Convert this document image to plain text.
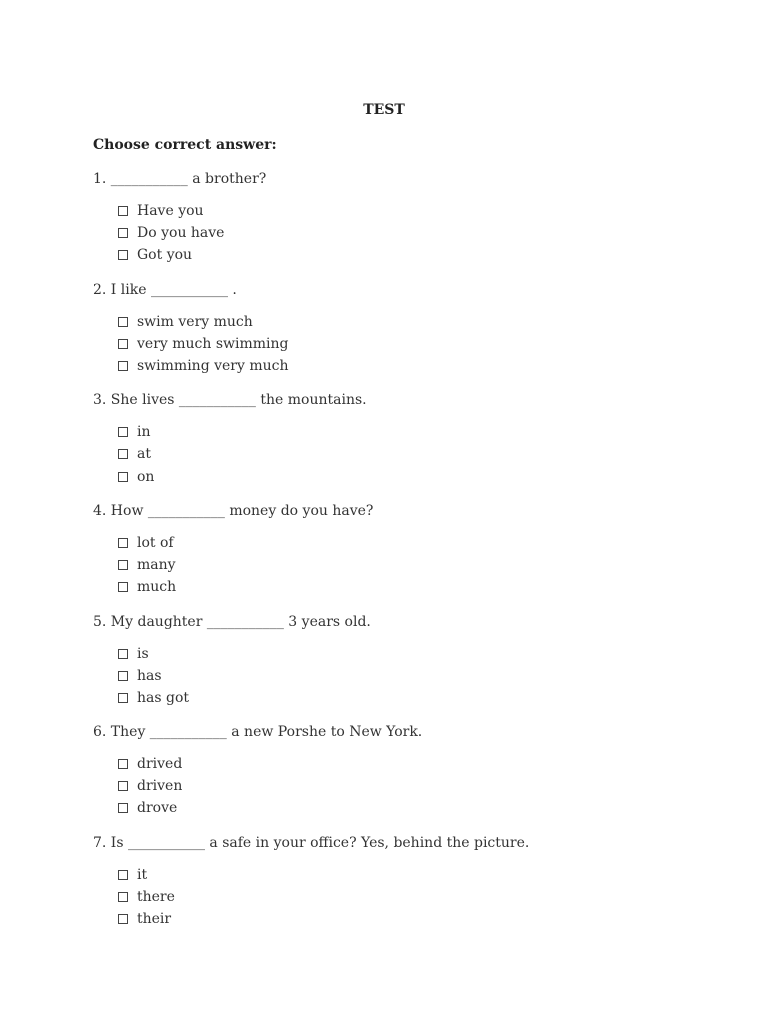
TEST
Choose correct answer:
1. ___________ a brother?
Have you
Do you have
Got you
2. I like ___________ .
swim very much
very much swimming
swimming very much
3. She lives ___________ the mountains.
in
at
on
4. How ___________ money do you have?
lot of
many
much
5. My daughter ___________ 3 years old.
is
has
has got
6. They ___________ a new Porshe to New York.
drived
driven
drove
7. Is ___________ a safe in your office? Yes, behind the picture.
it
there
their
